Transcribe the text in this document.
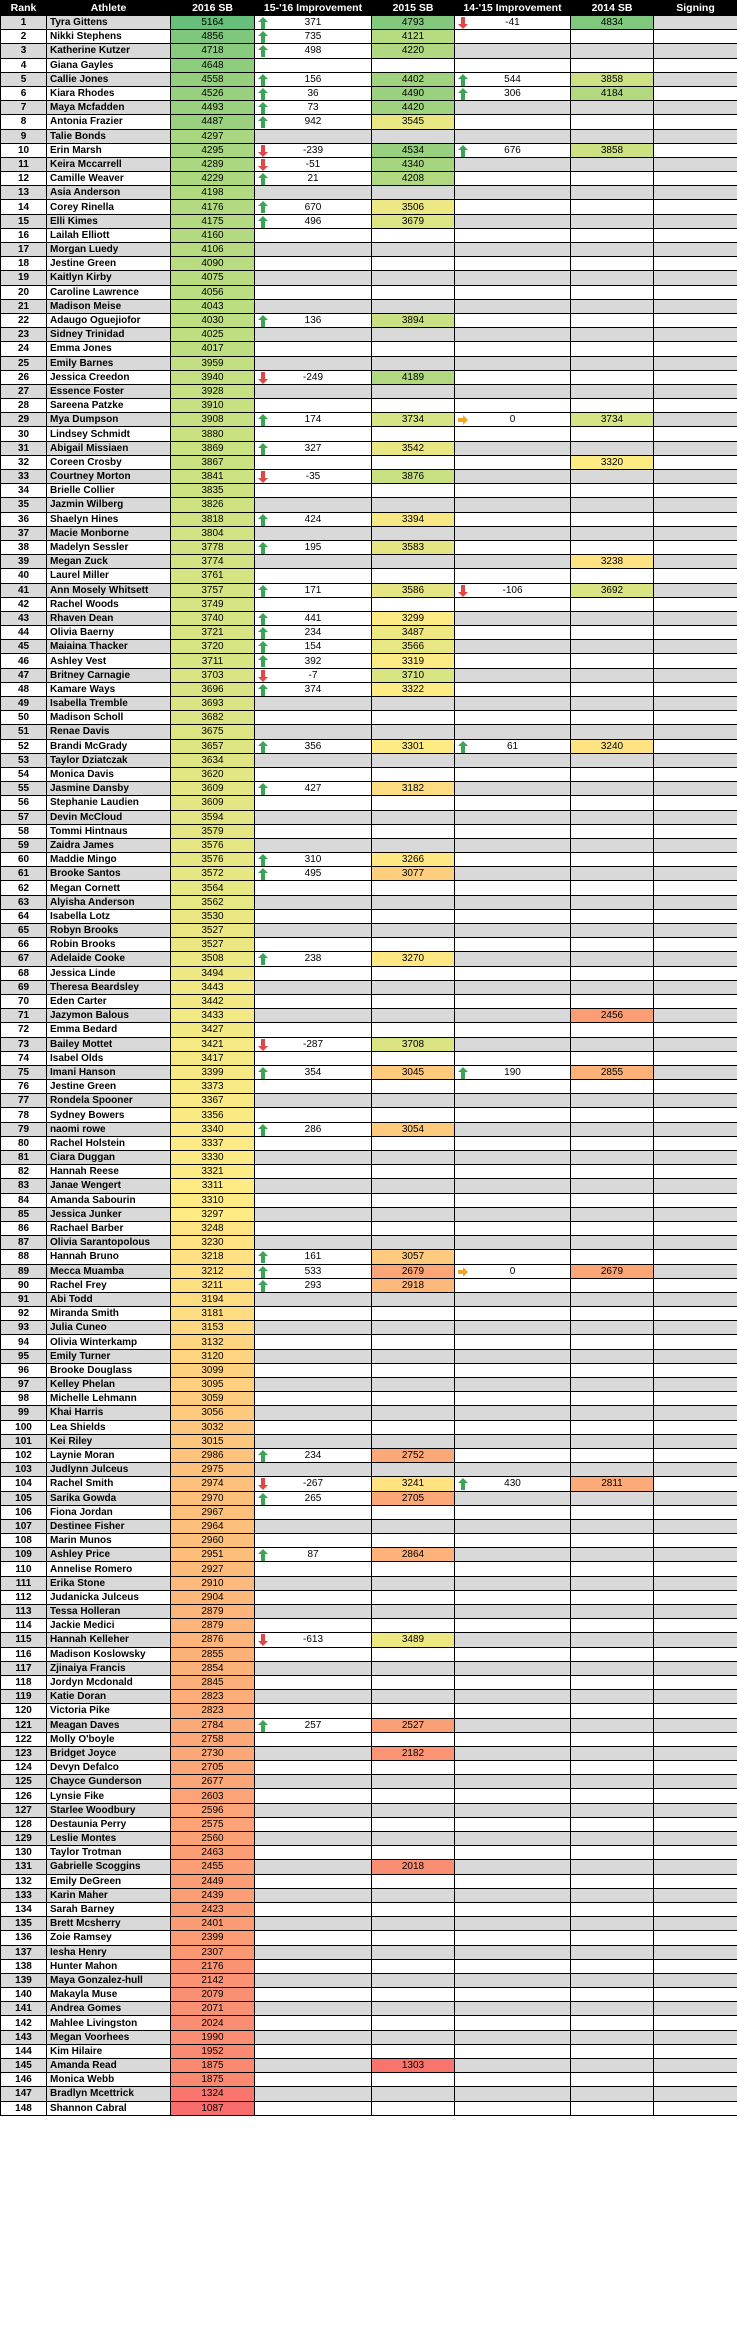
Rank	Athlete	2016 SB	15-'16 Improvement	2015 SB	14-'15 Improvement	2014 SB	Signing
1	Tyra Gittens	5164	371	4793	-41	4834	
2	Nikki Stephens	4856	735	4121			
3	Katherine Kutzer	4718	498	4220			
4	Giana Gayles	4648					
5	Callie Jones	4558	156	4402	544	3858	
6	Kiara Rhodes	4526	36	4490	306	4184	
7	Maya Mcfadden	4493	73	4420			
8	Antonia Frazier	4487	942	3545			
9	Talie Bonds	4297					
10	Erin Marsh	4295	-239	4534	676	3858	
11	Keira Mccarrell	4289	-51	4340			
12	Camille Weaver	4229	21	4208			
13	Asia Anderson	4198					
14	Corey Rinella	4176	670	3506			
15	Elli Kimes	4175	496	3679			
16	Lailah Elliott	4160					
17	Morgan Luedy	4106					
18	Jestine Green	4090					
19	Kaitlyn Kirby	4075					
20	Caroline Lawrence	4056					
21	Madison Meise	4043					
22	Adaugo Oguejiofor	4030	136	3894			
23	Sidney Trinidad	4025					
24	Emma Jones	4017					
25	Emily Barnes	3959					
26	Jessica Creedon	3940	-249	4189			
27	Essence Foster	3928					
28	Sareena Patzke	3910					
29	Mya Dumpson	3908	174	3734	0	3734	
30	Lindsey Schmidt	3880					
31	Abigail Missiaen	3869	327	3542			
32	Coreen Crosby	3867				3320	
33	Courtney Morton	3841	-35	3876			
34	Brielle Collier	3835					
35	Jazmin Wilberg	3826					
36	Shaelyn Hines	3818	424	3394			
37	Macie Monborne	3804					
38	Madelyn Sessler	3778	195	3583			
39	Megan Zuck	3774				3238	
40	Laurel Miller	3761					
41	Ann Mosely Whitsett	3757	171	3586	-106	3692	
42	Rachel Woods	3749					
43	Rhaven Dean	3740	441	3299			
44	Olivia Baerny	3721	234	3487			
45	Maiaina Thacker	3720	154	3566			
46	Ashley Vest	3711	392	3319			
47	Britney Carnagie	3703	-7	3710			
48	Kamare Ways	3696	374	3322			
49	Isabella Tremble	3693					
50	Madison Scholl	3682					
51	Renae Davis	3675					
52	Brandi McGrady	3657	356	3301	61	3240	
53	Taylor Dziatczak	3634					
54	Monica Davis	3620					
55	Jasmine Dansby	3609	427	3182			
56	Stephanie Laudien	3609					
57	Devin McCloud	3594					
58	Tommi Hintnaus	3579					
59	Zaidra James	3576					
60	Maddie Mingo	3576	310	3266			
61	Brooke Santos	3572	495	3077			
62	Megan Cornett	3564					
63	Alyisha Anderson	3562					
64	Isabella Lotz	3530					
65	Robyn Brooks	3527					
66	Robin Brooks	3527					
67	Adelaide Cooke	3508	238	3270			
68	Jessica Linde	3494					
69	Theresa Beardsley	3443					
70	Eden Carter	3442					
71	Jazymon Balous	3433				2456	
72	Emma Bedard	3427					
73	Bailey Mottet	3421	-287	3708			
74	Isabel Olds	3417					
75	Imani Hanson	3399	354	3045	190	2855	
76	Jestine Green	3373					
77	Rondela Spooner	3367					
78	Sydney Bowers	3356					
79	naomi rowe	3340	286	3054			
80	Rachel Holstein	3337					
81	Ciara Duggan	3330					
82	Hannah Reese	3321					
83	Janae Wengert	3311					
84	Amanda Sabourin	3310					
85	Jessica Junker	3297					
86	Rachael Barber	3248					
87	Olivia Sarantopolous	3230					
88	Hannah Bruno	3218	161	3057			
89	Mecca Muamba	3212	533	2679	0	2679	
90	Rachel Frey	3211	293	2918			
91	Abi Todd	3194					
92	Miranda Smith	3181					
93	Julia Cuneo	3153					
94	Olivia Winterkamp	3132					
95	Emily Turner	3120					
96	Brooke Douglass	3099					
97	Kelley Phelan	3095					
98	Michelle Lehmann	3059					
99	Khai Harris	3056					
100	Lea Shields	3032					
101	Kei Riley	3015					
102	Laynie Moran	2986	234	2752			
103	Judlynn Julceus	2975					
104	Rachel Smith	2974	-267	3241	430	2811	
105	Sarika Gowda	2970	265	2705			
106	Fiona Jordan	2967					
107	Destinee Fisher	2964					
108	Marin Munos	2960					
109	Ashley Price	2951	87	2864			
110	Annelise Romero	2927					
111	Erika Stone	2910					
112	Judanicka Julceus	2904					
113	Tessa Holleran	2879					
114	Jackie Medici	2879					
115	Hannah Kelleher	2876	-613	3489			
116	Madison Koslowsky	2855					
117	Zjinaiya Francis	2854					
118	Jordyn Mcdonald	2845					
119	Katie Doran	2823					
120	Victoria Pike	2823					
121	Meagan Daves	2784	257	2527			
122	Molly O'boyle	2758					
123	Bridget Joyce	2730		2182			
124	Devyn Defalco	2705					
125	Chayce Gunderson	2677					
126	Lynsie Fike	2603					
127	Starlee Woodbury	2596					
128	Destaunia Perry	2575					
129	Leslie Montes	2560					
130	Taylor Trotman	2463					
131	Gabrielle Scoggins	2455		2018			
132	Emily DeGreen	2449					
133	Karin Maher	2439					
134	Sarah Barney	2423					
135	Brett Mcsherry	2401					
136	Zoie Ramsey	2399					
137	Iesha Henry	2307					
138	Hunter Mahon	2176					
139	Maya Gonzalez-hull	2142					
140	Makayla Muse	2079					
141	Andrea Gomes	2071					
142	Mahlee Livingston	2024					
143	Megan Voorhees	1990					
144	Kim Hilaire	1952					
145	Amanda Read	1875		1303			
146	Monica Webb	1875					
147	Bradlyn Mcettrick	1324					
148	Shannon Cabral	1087					
